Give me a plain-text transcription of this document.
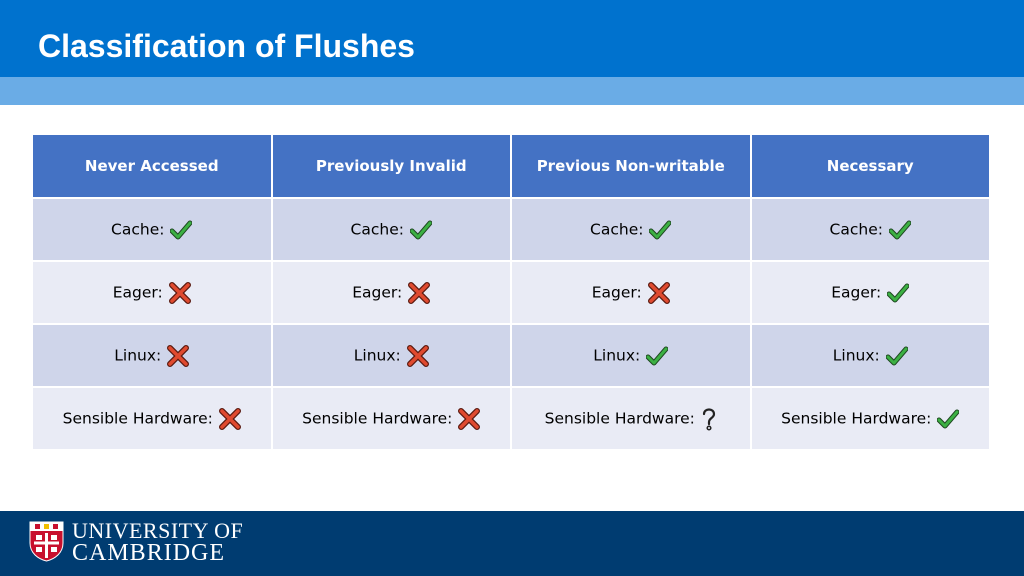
Classification of Flushes
Never Accessed	Previously Invalid	Previous Non-writable	Necessary
Cache:	Cache:	Cache:	Cache:

Eager:	Eager:	Eager:	Eager:

Linux:	Linux:	Linux:	Linux:

Sensible Hardware:	Sensible Hardware:	Sensible Hardware:	Sensible Hardware:
UNIVERSITY OF
CAMBRIDGE
